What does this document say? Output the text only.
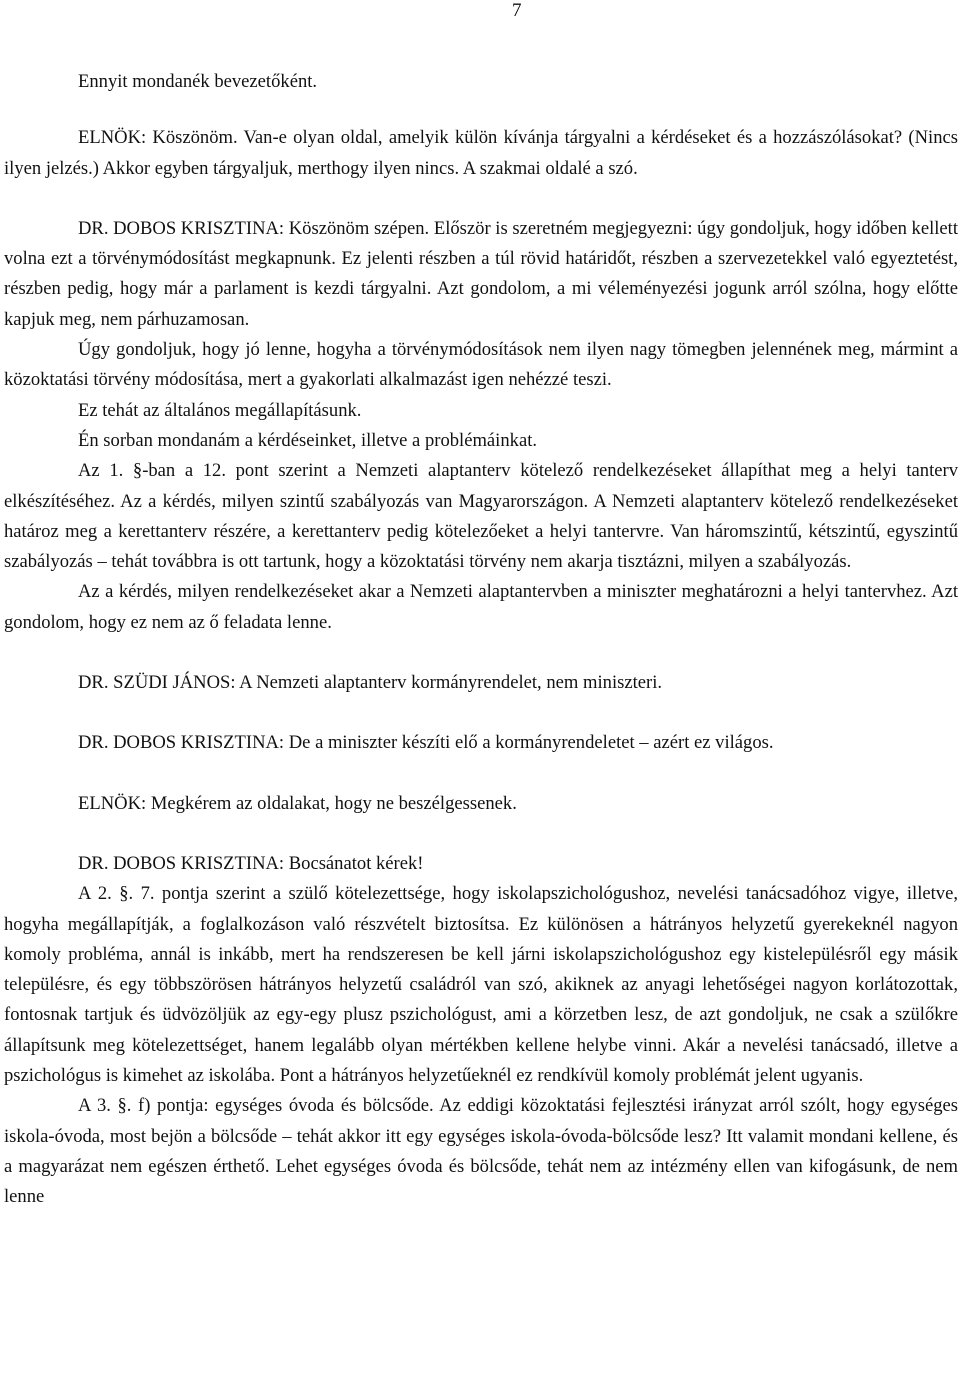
7

Ennyit mondanék bevezetőként.

ELNÖK: Köszönöm. Van-e olyan oldal, amelyik külön kívánja tárgyalni a kérdéseket és a hozzászólásokat? (Nincs ilyen jelzés.) Akkor egyben tárgyaljuk, merthogy ilyen nincs. A szakmai oldalé a szó.

DR. DOBOS KRISZTINA: Köszönöm szépen. Először is szeretném megjegyezni: úgy gondoljuk, hogy időben kellett volna ezt a törvénymódosítást megkapnunk. Ez jelenti részben a túl rövid határidőt, részben a szervezetekkel való egyeztetést, részben pedig, hogy már a parlament is kezdi tárgyalni. Azt gondolom, a mi véleményezési jogunk arról szólna, hogy előtte kapjuk meg, nem párhuzamosan.

Úgy gondoljuk, hogy jó lenne, hogyha a törvénymódosítások nem ilyen nagy tömegben jelennének meg, mármint a közoktatási törvény módosítása, mert a gyakorlati alkalmazást igen nehézzé teszi.

Ez tehát az általános megállapításunk.

Én sorban mondanám a kérdéseinket, illetve a problémáinkat.

Az 1. §-ban a 12. pont szerint a Nemzeti alaptanterv kötelező rendelkezéseket állapíthat meg a helyi tanterv elkészítéséhez. Az a kérdés, milyen szintű szabályozás van Magyarországon. A Nemzeti alaptanterv kötelező rendelkezéseket határoz meg a kerettanterv részére, a kerettanterv pedig kötelezőeket a helyi tantervre. Van háromszintű, kétszintű, egyszintű szabályozás – tehát továbbra is ott tartunk, hogy a közoktatási törvény nem akarja tisztázni, milyen a szabályozás.

Az a kérdés, milyen rendelkezéseket akar a Nemzeti alaptantervben a miniszter meghatározni a helyi tantervhez. Azt gondolom, hogy ez nem az ő feladata lenne.

DR. SZÜDI JÁNOS: A Nemzeti alaptanterv kormányrendelet, nem miniszteri.

DR. DOBOS KRISZTINA: De a miniszter készíti elő a kormányrendeletet – azért ez világos.

ELNÖK: Megkérem az oldalakat, hogy ne beszélgessenek.

DR. DOBOS KRISZTINA: Bocsánatot kérek!

A 2. §. 7. pontja szerint a szülő kötelezettsége, hogy iskolapszichológushoz, nevelési tanácsadóhoz vigye, illetve, hogyha megállapítják, a foglalkozáson való részvételt biztosítsa. Ez különösen a hátrányos helyzetű gyerekeknél nagyon komoly probléma, annál is inkább, mert ha rendszeresen be kell járni iskolapszichológushoz egy kistelepülésről egy másik településre, és egy többszörösen hátrányos helyzetű családról van szó, akiknek az anyagi lehetőségei nagyon korlátozottak, fontosnak tartjuk és üdvözöljük az egy-egy plusz pszichológust, ami a körzetben lesz, de azt gondoljuk, ne csak a szülőkre állapítsunk meg kötelezettséget, hanem legalább olyan mértékben kellene helybe vinni. Akár a nevelési tanácsadó, illetve a pszichológus is kimehet az iskolába. Pont a hátrányos helyzetűeknél ez rendkívül komoly problémát jelent ugyanis.

A 3. §. f) pontja: egységes óvoda és bölcsőde. Az eddigi közoktatási fejlesztési irányzat arról szólt, hogy egységes iskola-óvoda, most bejön a bölcsőde – tehát akkor itt egy egységes iskola-óvoda-bölcsőde lesz? Itt valamit mondani kellene, és a magyarázat nem egészen érthető. Lehet egységes óvoda és bölcsőde, tehát nem az intézmény ellen van kifogásunk, de nem lenne
